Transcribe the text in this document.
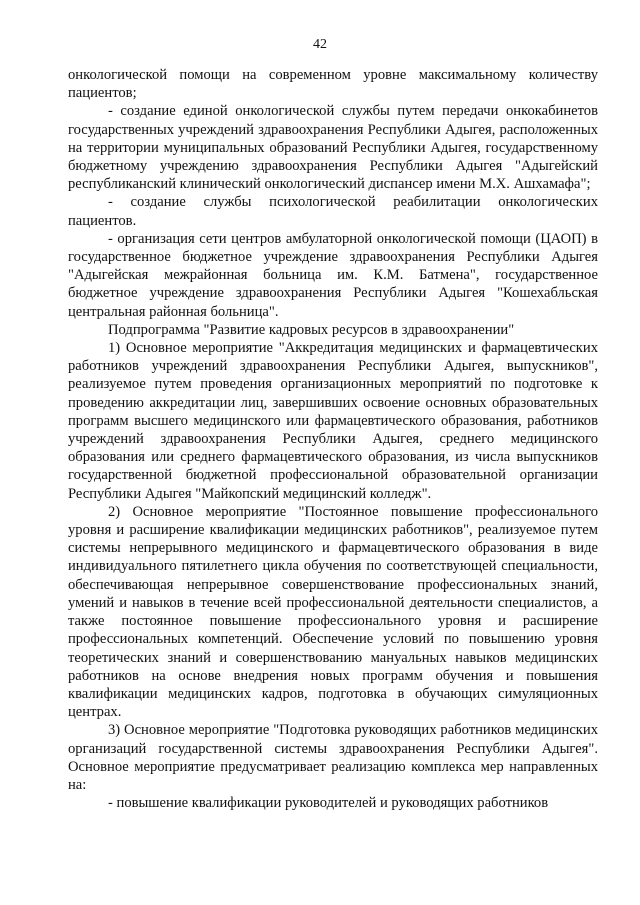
42

онкологической помощи на современном уровне максимальному количеству пациентов;

- создание единой онкологической службы путем передачи онкокабинетов государственных учреждений здравоохранения Республики Адыгея, расположенных на территории муниципальных образований Республики Адыгея, государственному бюджетному учреждению здравоохранения Республики Адыгея "Адыгейский республиканский клинический онкологический диспансер имени М.Х. Ашхамафа";

- создание службы психологической реабилитации онкологических пациентов.

- организация сети центров амбулаторной онкологической помощи (ЦАОП) в государственное бюджетное учреждение здравоохранения Республики Адыгея "Адыгейская межрайонная больница им. К.М. Батмена", государственное бюджетное учреждение здравоохранения Республики Адыгея "Кошехабльская центральная районная больница".

Подпрограмма "Развитие кадровых ресурсов в здравоохранении"

1) Основное мероприятие "Аккредитация медицинских и фармацевтических работников учреждений здравоохранения Республики Адыгея, выпускников", реализуемое путем проведения организационных мероприятий по подготовке к проведению аккредитации лиц, завершивших освоение основных образовательных программ высшего медицинского или фармацевтического образования, работников учреждений здравоохранения Республики Адыгея, среднего медицинского образования или среднего фармацевтического образования, из числа выпускников государственной бюджетной профессиональной образовательной организации Республики Адыгея "Майкопский медицинский колледж".

2) Основное мероприятие "Постоянное повышение профессионального уровня и расширение квалификации медицинских работников", реализуемое путем системы непрерывного медицинского и фармацевтического образования в виде индивидуального пятилетнего цикла обучения по соответствующей специальности, обеспечивающая непрерывное совершенствование профессиональных знаний, умений и навыков в течение всей профессиональной деятельности специалистов, а также постоянное повышение профессионального уровня и расширение профессиональных компетенций. Обеспечение условий по повышению уровня теоретических знаний и совершенствованию мануальных навыков медицинских работников на основе внедрения новых программ обучения и повышения квалификации медицинских кадров, подготовка в обучающих симуляционных центрах.

3) Основное мероприятие "Подготовка руководящих работников медицинских организаций государственной системы здравоохранения Республики Адыгея". Основное мероприятие предусматривает реализацию комплекса мер направленных на:

- повышение квалификации руководителей и руководящих работников
